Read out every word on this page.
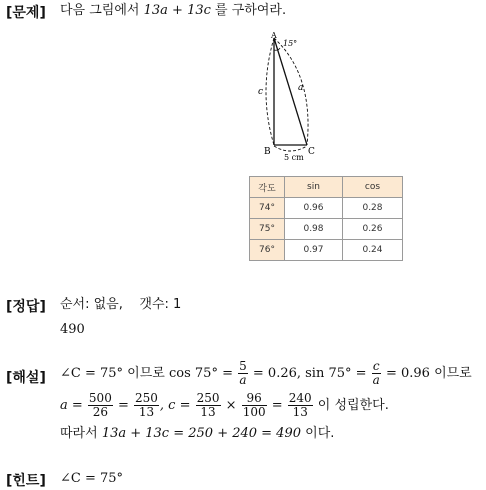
[문제] 다음 그림에서 13a + 13c 를 구하여라.
A
15°
c	a
B	C
5 cm
각도	sin	cos
74°	0.96	0.28
75°	0.98	0.26
76°	0.97	0.24
[정답] 순서: 없음, 갯수: 1
490
[해설] ∠C = 75° 이므로 $\cos 75^\circ = \frac{5}{a} = 0.26$, $\sin 75^\circ = \frac{c}{a} = 0.96$ 이므로
$a = \frac{500}{26} = \frac{250}{13}$ , $c = \frac{250}{13} \times \frac{96}{100} = \frac{240}{13}$ 이 성립한다.
따라서 13a + 13c = 250 + 240 = 490 이다.
[힌트] ∠C = 75°
